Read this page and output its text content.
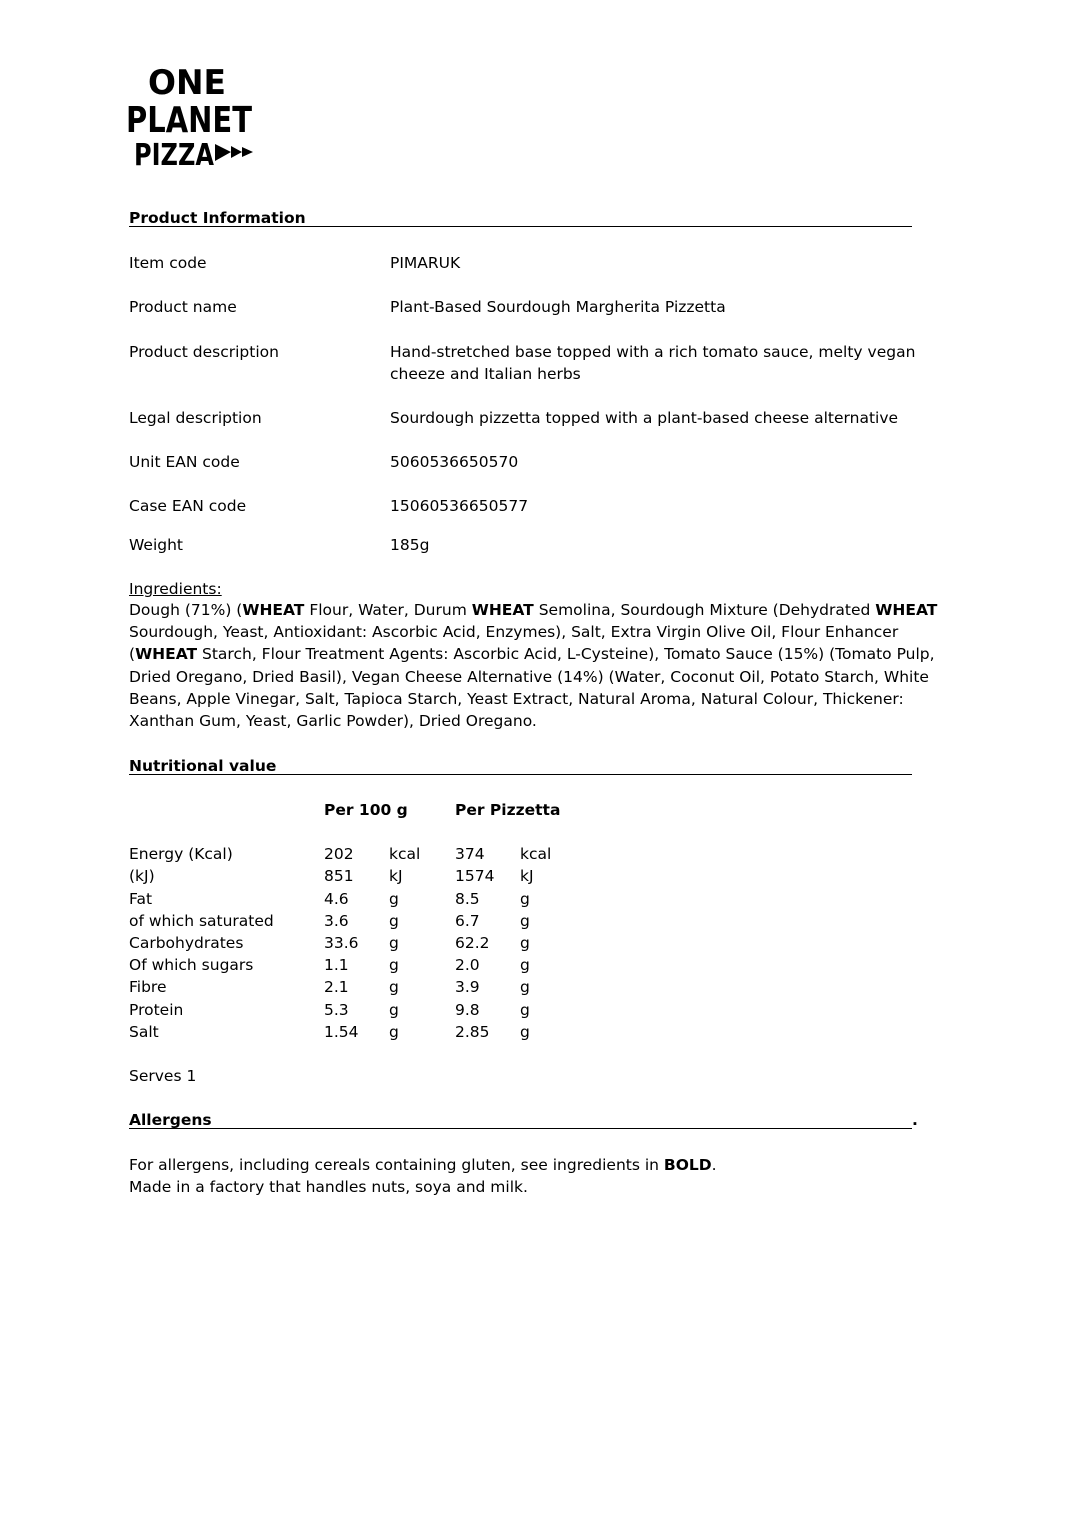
ONE
PLANET
PIZZA
Product Information
Item code	PIMARUK
Product name	Plant-Based Sourdough Margherita Pizzetta
Product description	Hand-stretched base topped with a rich tomato sauce, melty vegan cheeze and Italian herbs
Legal description	Sourdough pizzetta topped with a plant-based cheese alternative
Unit EAN code	5060536650570
Case EAN code	15060536650577
Weight	185g
Ingredients:
Dough (71%) (WHEAT Flour, Water, Durum WHEAT Semolina, Sourdough Mixture (Dehydrated WHEAT Sourdough, Yeast, Antioxidant: Ascorbic Acid, Enzymes), Salt, Extra Virgin Olive Oil, Flour Enhancer (WHEAT Starch, Flour Treatment Agents: Ascorbic Acid, L-Cysteine), Tomato Sauce (15%) (Tomato Pulp, Dried Oregano, Dried Basil), Vegan Cheese Alternative (14%) (Water, Coconut Oil, Potato Starch, White Beans, Apple Vinegar, Salt, Tapioca Starch, Yeast Extract, Natural Aroma, Natural Colour, Thickener: Xanthan Gum, Yeast, Garlic Powder), Dried Oregano.
Nutritional value
Per 100 g	Per Pizzetta
Energy (Kcal)	202 kcal 374 kcal
(kJ)	851 kJ	1574 kJ
Fat	4.6	g	8.5	g
of which saturated	3.6	g	6.7	g
Carbohydrates	33.6 g	62.2 g
Of which sugars	1.1	g	2.0	g
Fibre	2.1	g	3.9	g
Protein	5.3	g	9.8	g
Salt	1.54 g	2.85 g
Serves 1
Allergens	.
For allergens, including cereals containing gluten, see ingredients in BOLD.
Made in a factory that handles nuts, soya and milk.
